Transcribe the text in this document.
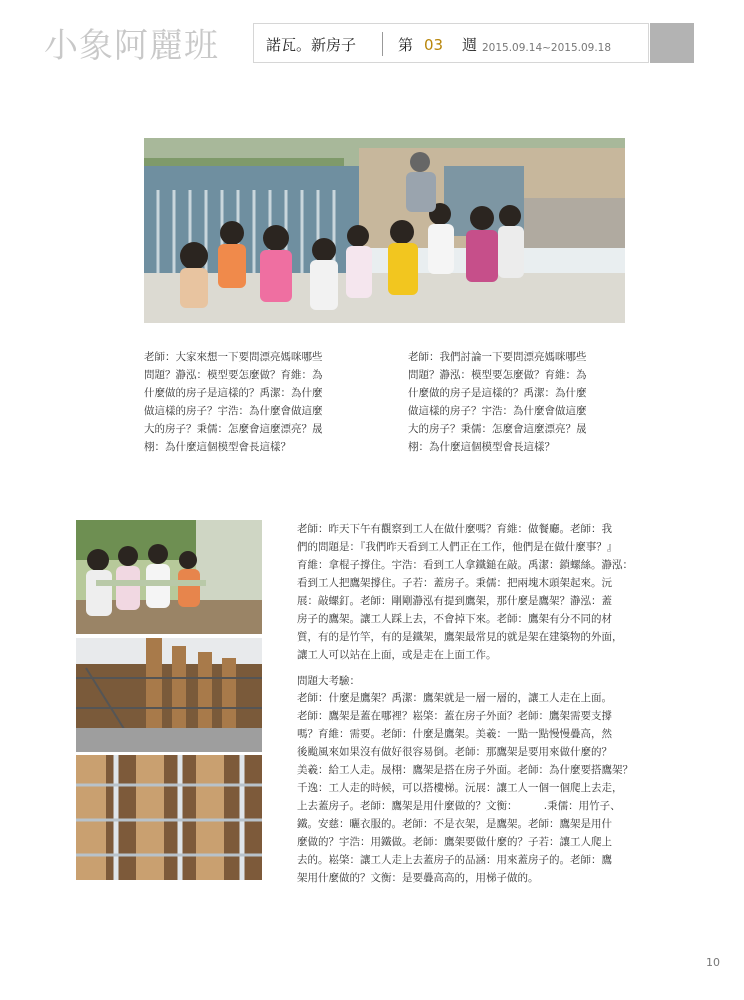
小象阿麗班	諾瓦。新房子	第 03 週 2015.09.14~2015.09.18
老師：大家來想一下要問漂亮媽咪哪些
問題？瀞泓：模型要怎麼做？育維：為
什麼做的房子是這樣的？禹潔：為什麼
做這樣的房子？宇浩：為什麼會做這麼
大的房子？秉儒：怎麼會這麼漂亮？晟
栩：為什麼這個模型會長這樣？
老師：我們討論一下要問漂亮媽咪哪些
問題？瀞泓：模型要怎麼做？育維：為
什麼做的房子是這樣的？禹潔：為什麼
做這樣的房子？宇浩：為什麼會做這麼
大的房子？秉儒：怎麼會這麼漂亮？晟
栩：為什麼這個模型會長這樣？
老師：昨天下午有觀察到工人在做什麼嗎？育維：做餐廳。老師：我
們的問題是：『我們昨天看到工人們正在工作，他們是在做什麼事？』
育維：拿棍子撐住。宇浩：看到工人拿鐵鎚在敲。禹潔：鎖螺絲。瀞泓：
看到工人把鷹架撐住。子若：蓋房子。秉儒：把兩塊木頭架起來。沅
展：敲螺釘。老師：剛剛瀞泓有提到鷹架，那什麼是鷹架？瀞泓：蓋
房子的鷹架。讓工人踩上去，不會掉下來。老師：鷹架有分不同的材
質，有的是竹竿，有的是鐵架，鷹架最常見的就是架在建築物的外面，
讓工人可以站在上面，或是走在上面工作。
問題大考驗：
老師：什麼是鷹架？禹潔：鷹架就是一層一層的，讓工人走在上面。
老師：鷹架是蓋在哪裡？崧棨：蓋在房子外面？老師：鷹架需要支撐
嗎？育維：需要。老師：什麼是鷹架。美羲：一點一點慢慢疊高，然
後颱風來如果沒有做好很容易倒。老師：那鷹架是要用來做什麼的？
美羲：給工人走。晟栩：鷹架是搭在房子外面。老師：為什麼要搭鷹架？
千逸：工人走的時候，可以搭樓梯。沅展：讓工人一個一個爬上去走，
上去蓋房子。老師：鷹架是用什麼做的？文衡：　　　.秉儒：用竹子、
鐵。安慈：曬衣服的。老師：不是衣架，是鷹架。老師：鷹架是用什
麼做的？宇浩：用鐵做。老師：鷹架要做什麼的？子若：讓工人爬上
去的。崧棨：讓工人走上去蓋房子的品涵：用來蓋房子的。老師：鷹
架用什麼做的？文衡：是要疊高高的，用梯子做的。
10
